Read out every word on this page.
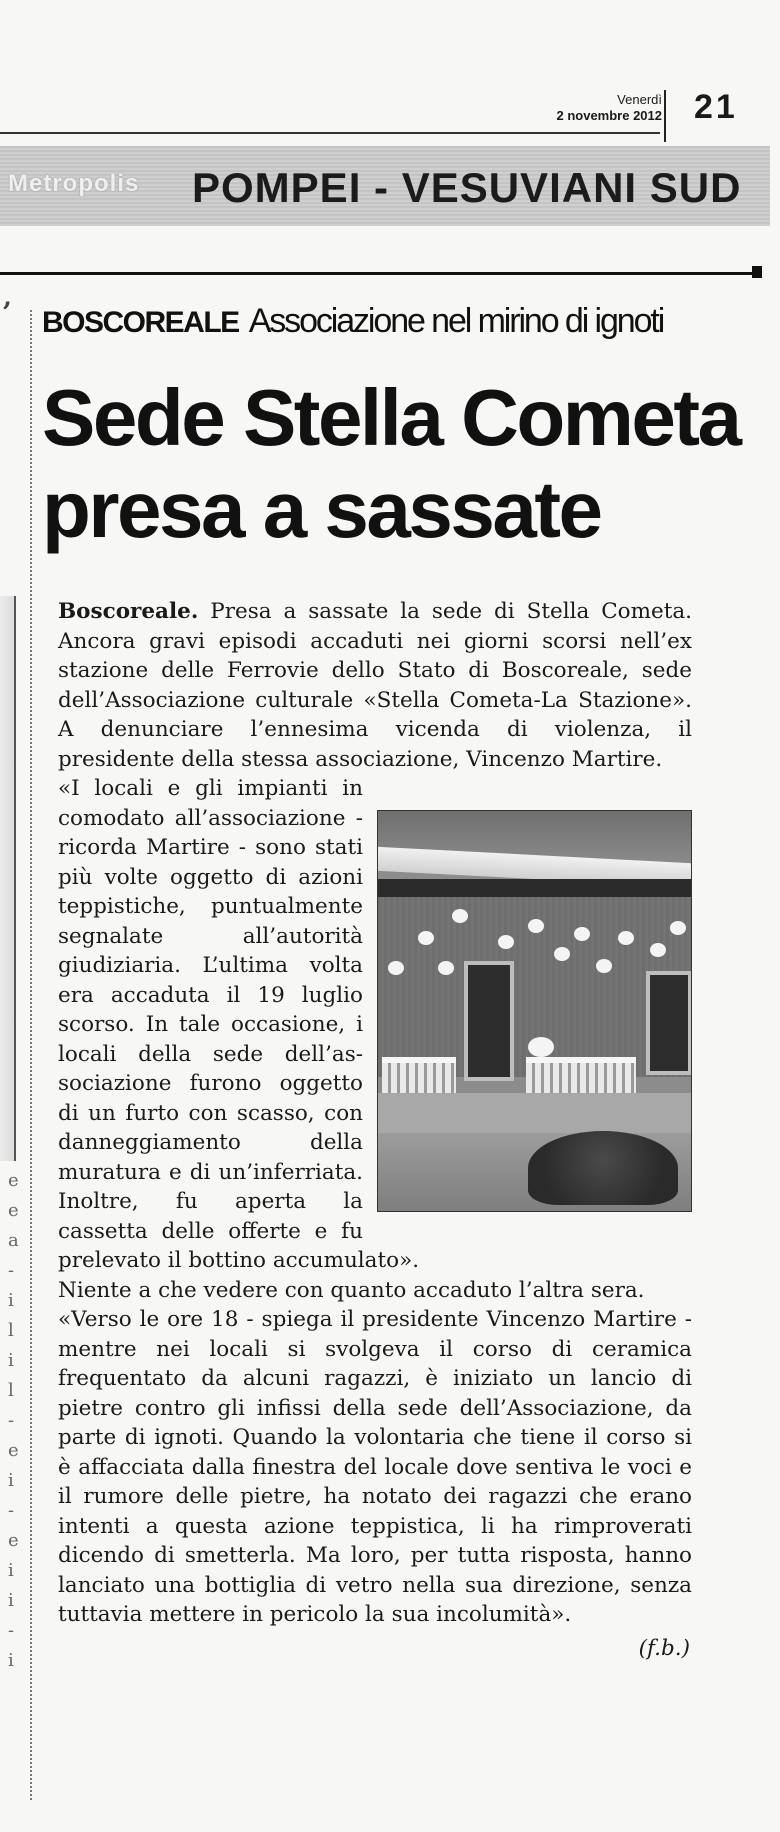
Venerdì
2 novembre 2012 21
Metropolis POMPEI - VESUVIANI SUD
’
e
e
a
-
i
l
i
l
-
e
i
-
e
i
i
-
i
BOSCOREALE Associazione nel mirino di ignoti
Sede Stella Cometa
presa a sassate

Boscoreale. Presa a sassate la sede di Stella Cometa. Ancora gravi episodi accaduti nei giorni scorsi nell’ex stazione delle Ferrovie dello Stato di Boscoreale, sede dell’Associazione culturale «Stella Cometa-La Stazione». A denunciare l’ennesima vicenda di violenza, il presidente della stessa associazione, Vincenzo Martire.

«I locali e gli impianti in comodato all’associazione - ricorda Martire - sono stati più volte oggetto di azioni teppistiche, puntualmente segnalate all’autorità giudiziaria. L’ultima volta era accaduta il 19 luglio scorso. In tale occasione, i locali della sede dell’associazione furono oggetto di un furto con scasso, con danneggiamento della muratura e di un’inferriata. Inoltre, fu aperta la cassetta delle offerte e fu prelevato il bottino accumulato».

Niente a che vedere con quanto accaduto l’altra sera.

«Verso le ore 18 - spiega il presidente Vincenzo Martire - mentre nei locali si svolgeva il corso di ceramica frequentato da alcuni ragazzi, è iniziato un lancio di pietre contro gli infissi della sede dell’Associazione, da parte di ignoti. Quando la volontaria che tiene il corso si è affacciata dalla finestra del locale dove sentiva le voci e il rumore delle pietre, ha notato dei ragazzi che erano intenti a questa azione teppistica, li ha rimproverati dicendo di smetterla. Ma loro, per tutta risposta, hanno lanciato una bottiglia di vetro nella sua direzione, senza tuttavia mettere in pericolo la sua incolumità».

(f.b.)
